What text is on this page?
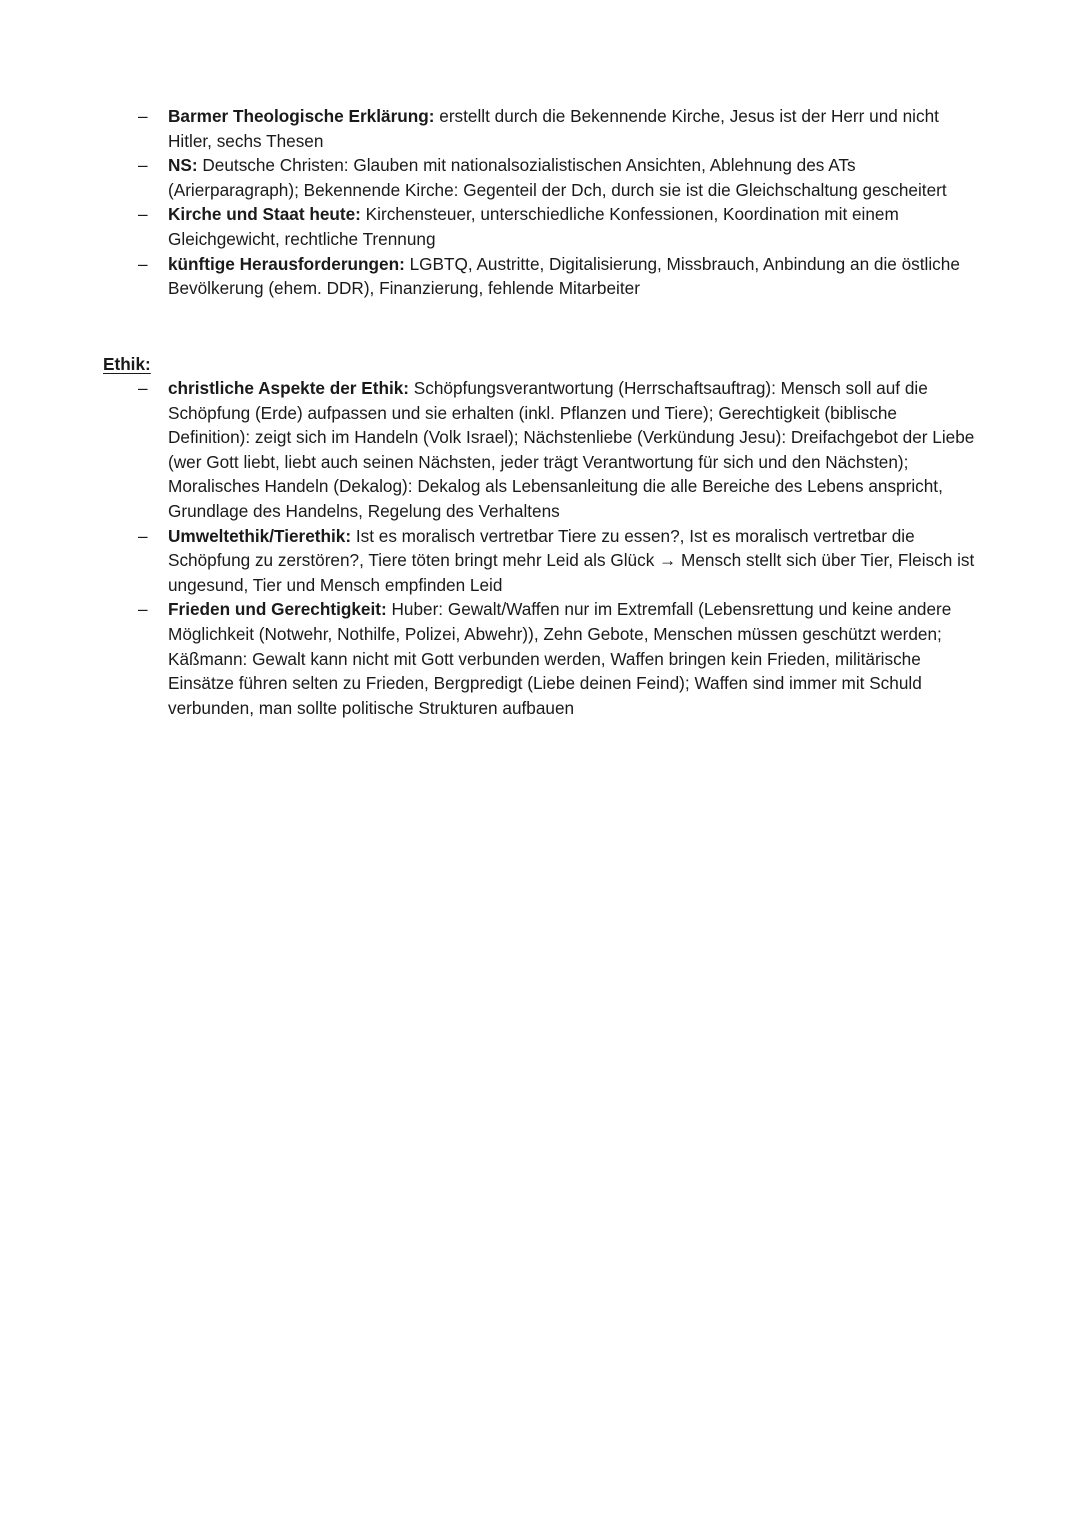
– Barmer Theologische Erklärung: erstellt durch die Bekennende Kirche, Jesus ist der Herr und nicht Hitler, sechs Thesen
– NS: Deutsche Christen: Glauben mit nationalsozialistischen Ansichten, Ablehnung des ATs (Arierparagraph); Bekennende Kirche: Gegenteil der Dch, durch sie ist die Gleichschaltung gescheitert
– Kirche und Staat heute: Kirchensteuer, unterschiedliche Konfessionen, Koordination mit einem Gleichgewicht, rechtliche Trennung
– künftige Herausforderungen: LGBTQ, Austritte, Digitalisierung, Missbrauch, Anbindung an die östliche Bevölkerung (ehem. DDR), Finanzierung, fehlende Mitarbeiter
Ethik:
– christliche Aspekte der Ethik: Schöpfungsverantwortung (Herrschaftsauftrag): Mensch soll auf die Schöpfung (Erde) aufpassen und sie erhalten (inkl. Pflanzen und Tiere); Gerechtigkeit (biblische Definition): zeigt sich im Handeln (Volk Israel); Nächstenliebe (Verkündung Jesu): Dreifachgebot der Liebe (wer Gott liebt, liebt auch seinen Nächsten, jeder trägt Verantwortung für sich und den Nächsten); Moralisches Handeln (Dekalog): Dekalog als Lebensanleitung die alle Bereiche des Lebens anspricht, Grundlage des Handelns, Regelung des Verhaltens
– Umweltethik/Tierethik: Ist es moralisch vertretbar Tiere zu essen?, Ist es moralisch vertretbar die Schöpfung zu zerstören?, Tiere töten bringt mehr Leid als Glück → Mensch stellt sich über Tier, Fleisch ist ungesund, Tier und Mensch empfinden Leid
– Frieden und Gerechtigkeit: Huber: Gewalt/Waffen nur im Extremfall (Lebensrettung und keine andere Möglichkeit (Notwehr, Nothilfe, Polizei, Abwehr)), Zehn Gebote, Menschen müssen geschützt werden; Käßmann: Gewalt kann nicht mit Gott verbunden werden, Waffen bringen kein Frieden, militärische Einsätze führen selten zu Frieden, Bergpredigt (Liebe deinen Feind); Waffen sind immer mit Schuld verbunden, man sollte politische Strukturen aufbauen
